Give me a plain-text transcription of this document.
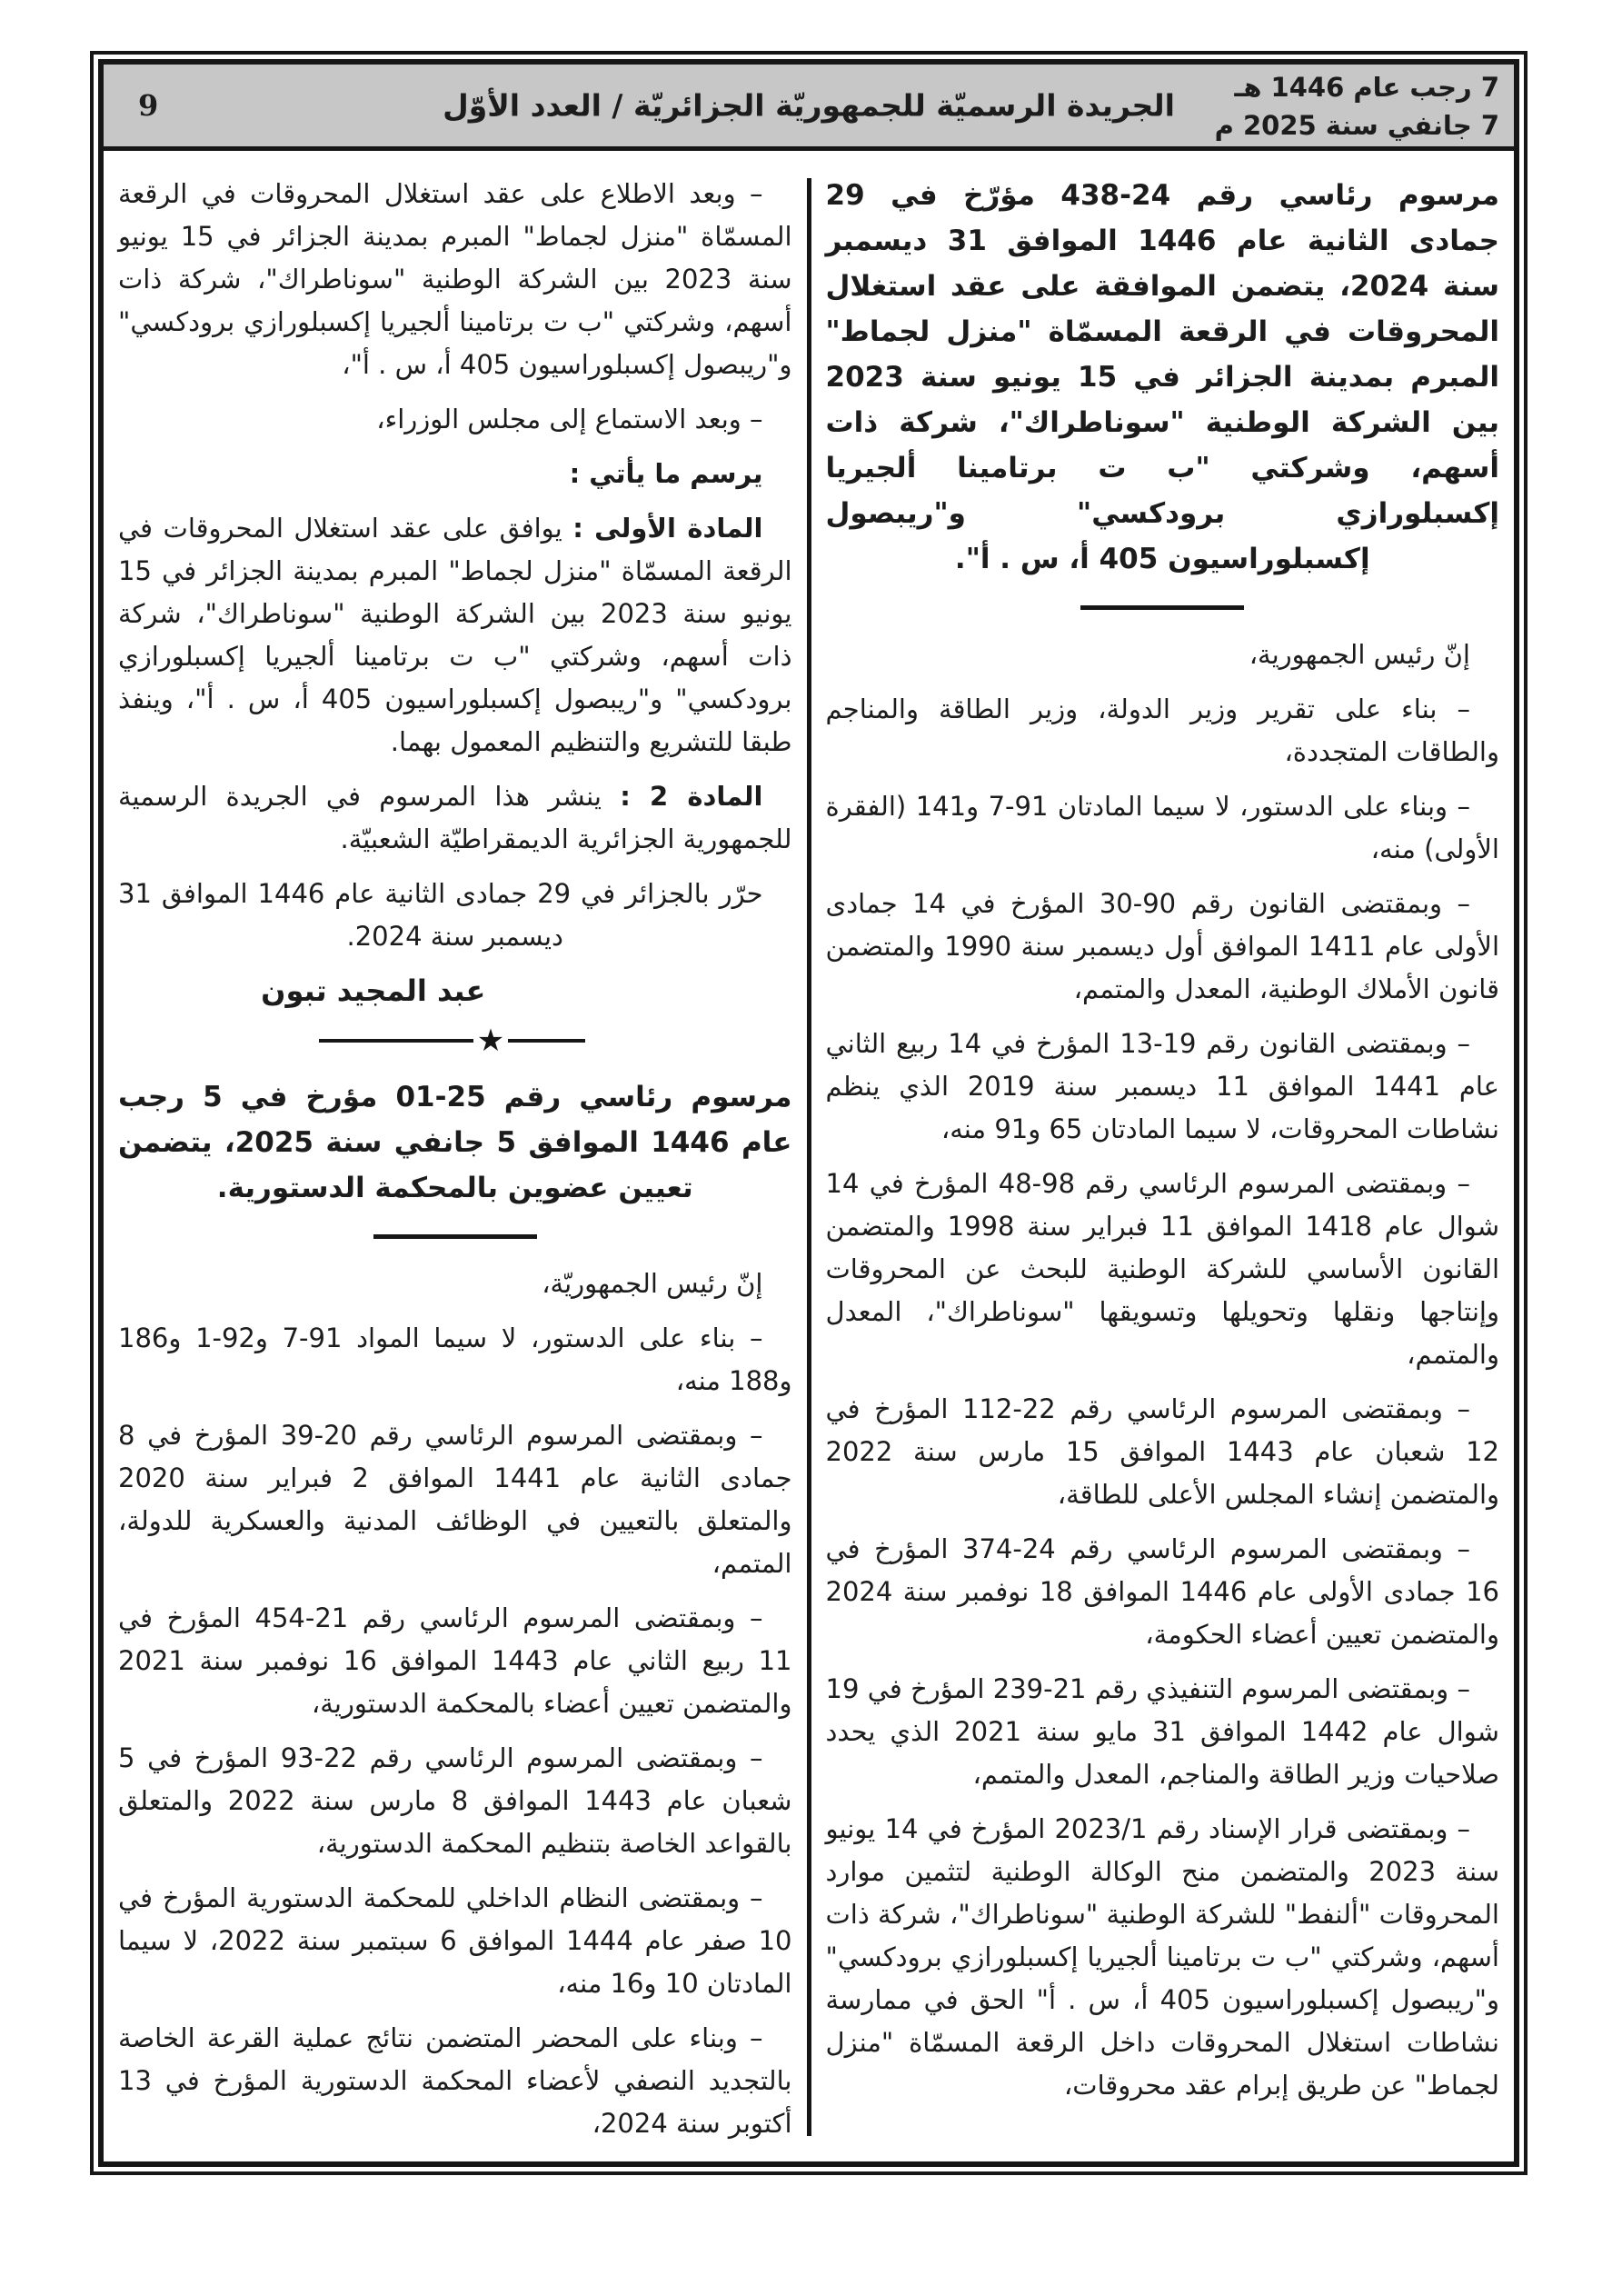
7 رجب عام 1446 هـ
7 جانفي سنة 2025 م
الجريدة الرسميّة للجمهوريّة الجزائريّة / العدد الأوّل
9

مرسوم رئاسي رقم 24-438 مؤرّخ في 29 جمادى الثانية عام 1446 الموافق 31 ديسمبر سنة 2024، يتضمن الموافقة على عقد استغلال المحروقات في الرقعة المسمّاة "منزل لجماط" المبرم بمدينة الجزائر في 15 يونيو سنة 2023 بين الشركة الوطنية "سوناطراك"، شركة ذات أسهم، وشركتي "ب ت برتامينا ألجيريا إكسبلورازي برودكسي" و"ريبصول إكسبلوراسيون 405 أ، س . أ".

إنّ رئيس الجمهورية،

– بناء على تقرير وزير الدولة، وزير الطاقة والمناجم والطاقات المتجددة،

– وبناء على الدستور، لا سيما المادتان 91-7 و141 (الفقرة الأولى) منه،

– وبمقتضى القانون رقم 90-30 المؤرخ في 14 جمادى الأولى عام 1411 الموافق أول ديسمبر سنة 1990 والمتضمن قانون الأملاك الوطنية، المعدل والمتمم،

– وبمقتضى القانون رقم 19-13 المؤرخ في 14 ربيع الثاني عام 1441 الموافق 11 ديسمبر سنة 2019 الذي ينظم نشاطات المحروقات، لا سيما المادتان 65 و91 منه،

– وبمقتضى المرسوم الرئاسي رقم 98-48 المؤرخ في 14 شوال عام 1418 الموافق 11 فبراير سنة 1998 والمتضمن القانون الأساسي للشركة الوطنية للبحث عن المحروقات وإنتاجها ونقلها وتحويلها وتسويقها "سوناطراك"، المعدل والمتمم،

– وبمقتضى المرسوم الرئاسي رقم 22-112 المؤرخ في 12 شعبان عام 1443 الموافق 15 مارس سنة 2022 والمتضمن إنشاء المجلس الأعلى للطاقة،

– وبمقتضى المرسوم الرئاسي رقم 24-374 المؤرخ في 16 جمادى الأولى عام 1446 الموافق 18 نوفمبر سنة 2024 والمتضمن تعيين أعضاء الحكومة،

– وبمقتضى المرسوم التنفيذي رقم 21-239 المؤرخ في 19 شوال عام 1442 الموافق 31 مايو سنة 2021 الذي يحدد صلاحيات وزير الطاقة والمناجم، المعدل والمتمم،

– وبمقتضى قرار الإسناد رقم 2023/1 المؤرخ في 14 يونيو سنة 2023 والمتضمن منح الوكالة الوطنية لتثمين موارد المحروقات "ألنفط" للشركة الوطنية "سوناطراك"، شركة ذات أسهم، وشركتي "ب ت برتامينا ألجيريا إكسبلورازي برودكسي" و"ريبصول إكسبلوراسيون 405 أ، س . أ" الحق في ممارسة نشاطات استغلال المحروقات داخل الرقعة المسمّاة "منزل لجماط" عن طريق إبرام عقد محروقات،

– وبعد الاطلاع على عقد استغلال المحروقات في الرقعة المسمّاة "منزل لجماط" المبرم بمدينة الجزائر في 15 يونيو سنة 2023 بين الشركة الوطنية "سوناطراك"، شركة ذات أسهم، وشركتي "ب ت برتامينا ألجيريا إكسبلورازي برودكسي" و"ريبصول إكسبلوراسيون 405 أ، س . أ"،

– وبعد الاستماع إلى مجلس الوزراء،

يرسم ما يأتي :

المادة الأولى : يوافق على عقد استغلال المحروقات في الرقعة المسمّاة "منزل لجماط" المبرم بمدينة الجزائر في 15 يونيو سنة 2023 بين الشركة الوطنية "سوناطراك"، شركة ذات أسهم، وشركتي "ب ت برتامينا ألجيريا إكسبلورازي برودكسي" و"ريبصول إكسبلوراسيون 405 أ، س . أ"، وينفذ طبقا للتشريع والتنظيم المعمول بهما.

المادة 2 : ينشر هذا المرسوم في الجريدة الرسمية للجمهورية الجزائرية الديمقراطيّة الشعبيّة.

حرّر بالجزائر في 29 جمادى الثانية عام 1446 الموافق 31 ديسمبر سنة 2024.

عبد المجيد تبون

★

مرسوم رئاسي رقم 25-01 مؤرخ في 5 رجب عام 1446 الموافق 5 جانفي سنة 2025، يتضمن تعيين عضوين بالمحكمة الدستورية.

إنّ رئيس الجمهوريّة،

– بناء على الدستور، لا سيما المواد 91-7 و92-1 و186 و188 منه،

– وبمقتضى المرسوم الرئاسي رقم 20-39 المؤرخ في 8 جمادى الثانية عام 1441 الموافق 2 فبراير سنة 2020 والمتعلق بالتعيين في الوظائف المدنية والعسكرية للدولة، المتمم،

– وبمقتضى المرسوم الرئاسي رقم 21-454 المؤرخ في 11 ربيع الثاني عام 1443 الموافق 16 نوفمبر سنة 2021 والمتضمن تعيين أعضاء بالمحكمة الدستورية،

– وبمقتضى المرسوم الرئاسي رقم 22-93 المؤرخ في 5 شعبان عام 1443 الموافق 8 مارس سنة 2022 والمتعلق بالقواعد الخاصة بتنظيم المحكمة الدستورية،

– وبمقتضى النظام الداخلي للمحكمة الدستورية المؤرخ في 10 صفر عام 1444 الموافق 6 سبتمبر سنة 2022، لا سيما المادتان 10 و16 منه،

– وبناء على المحضر المتضمن نتائج عملية القرعة الخاصة بالتجديد النصفي لأعضاء المحكمة الدستورية المؤرخ في 13 أكتوبر سنة 2024،
